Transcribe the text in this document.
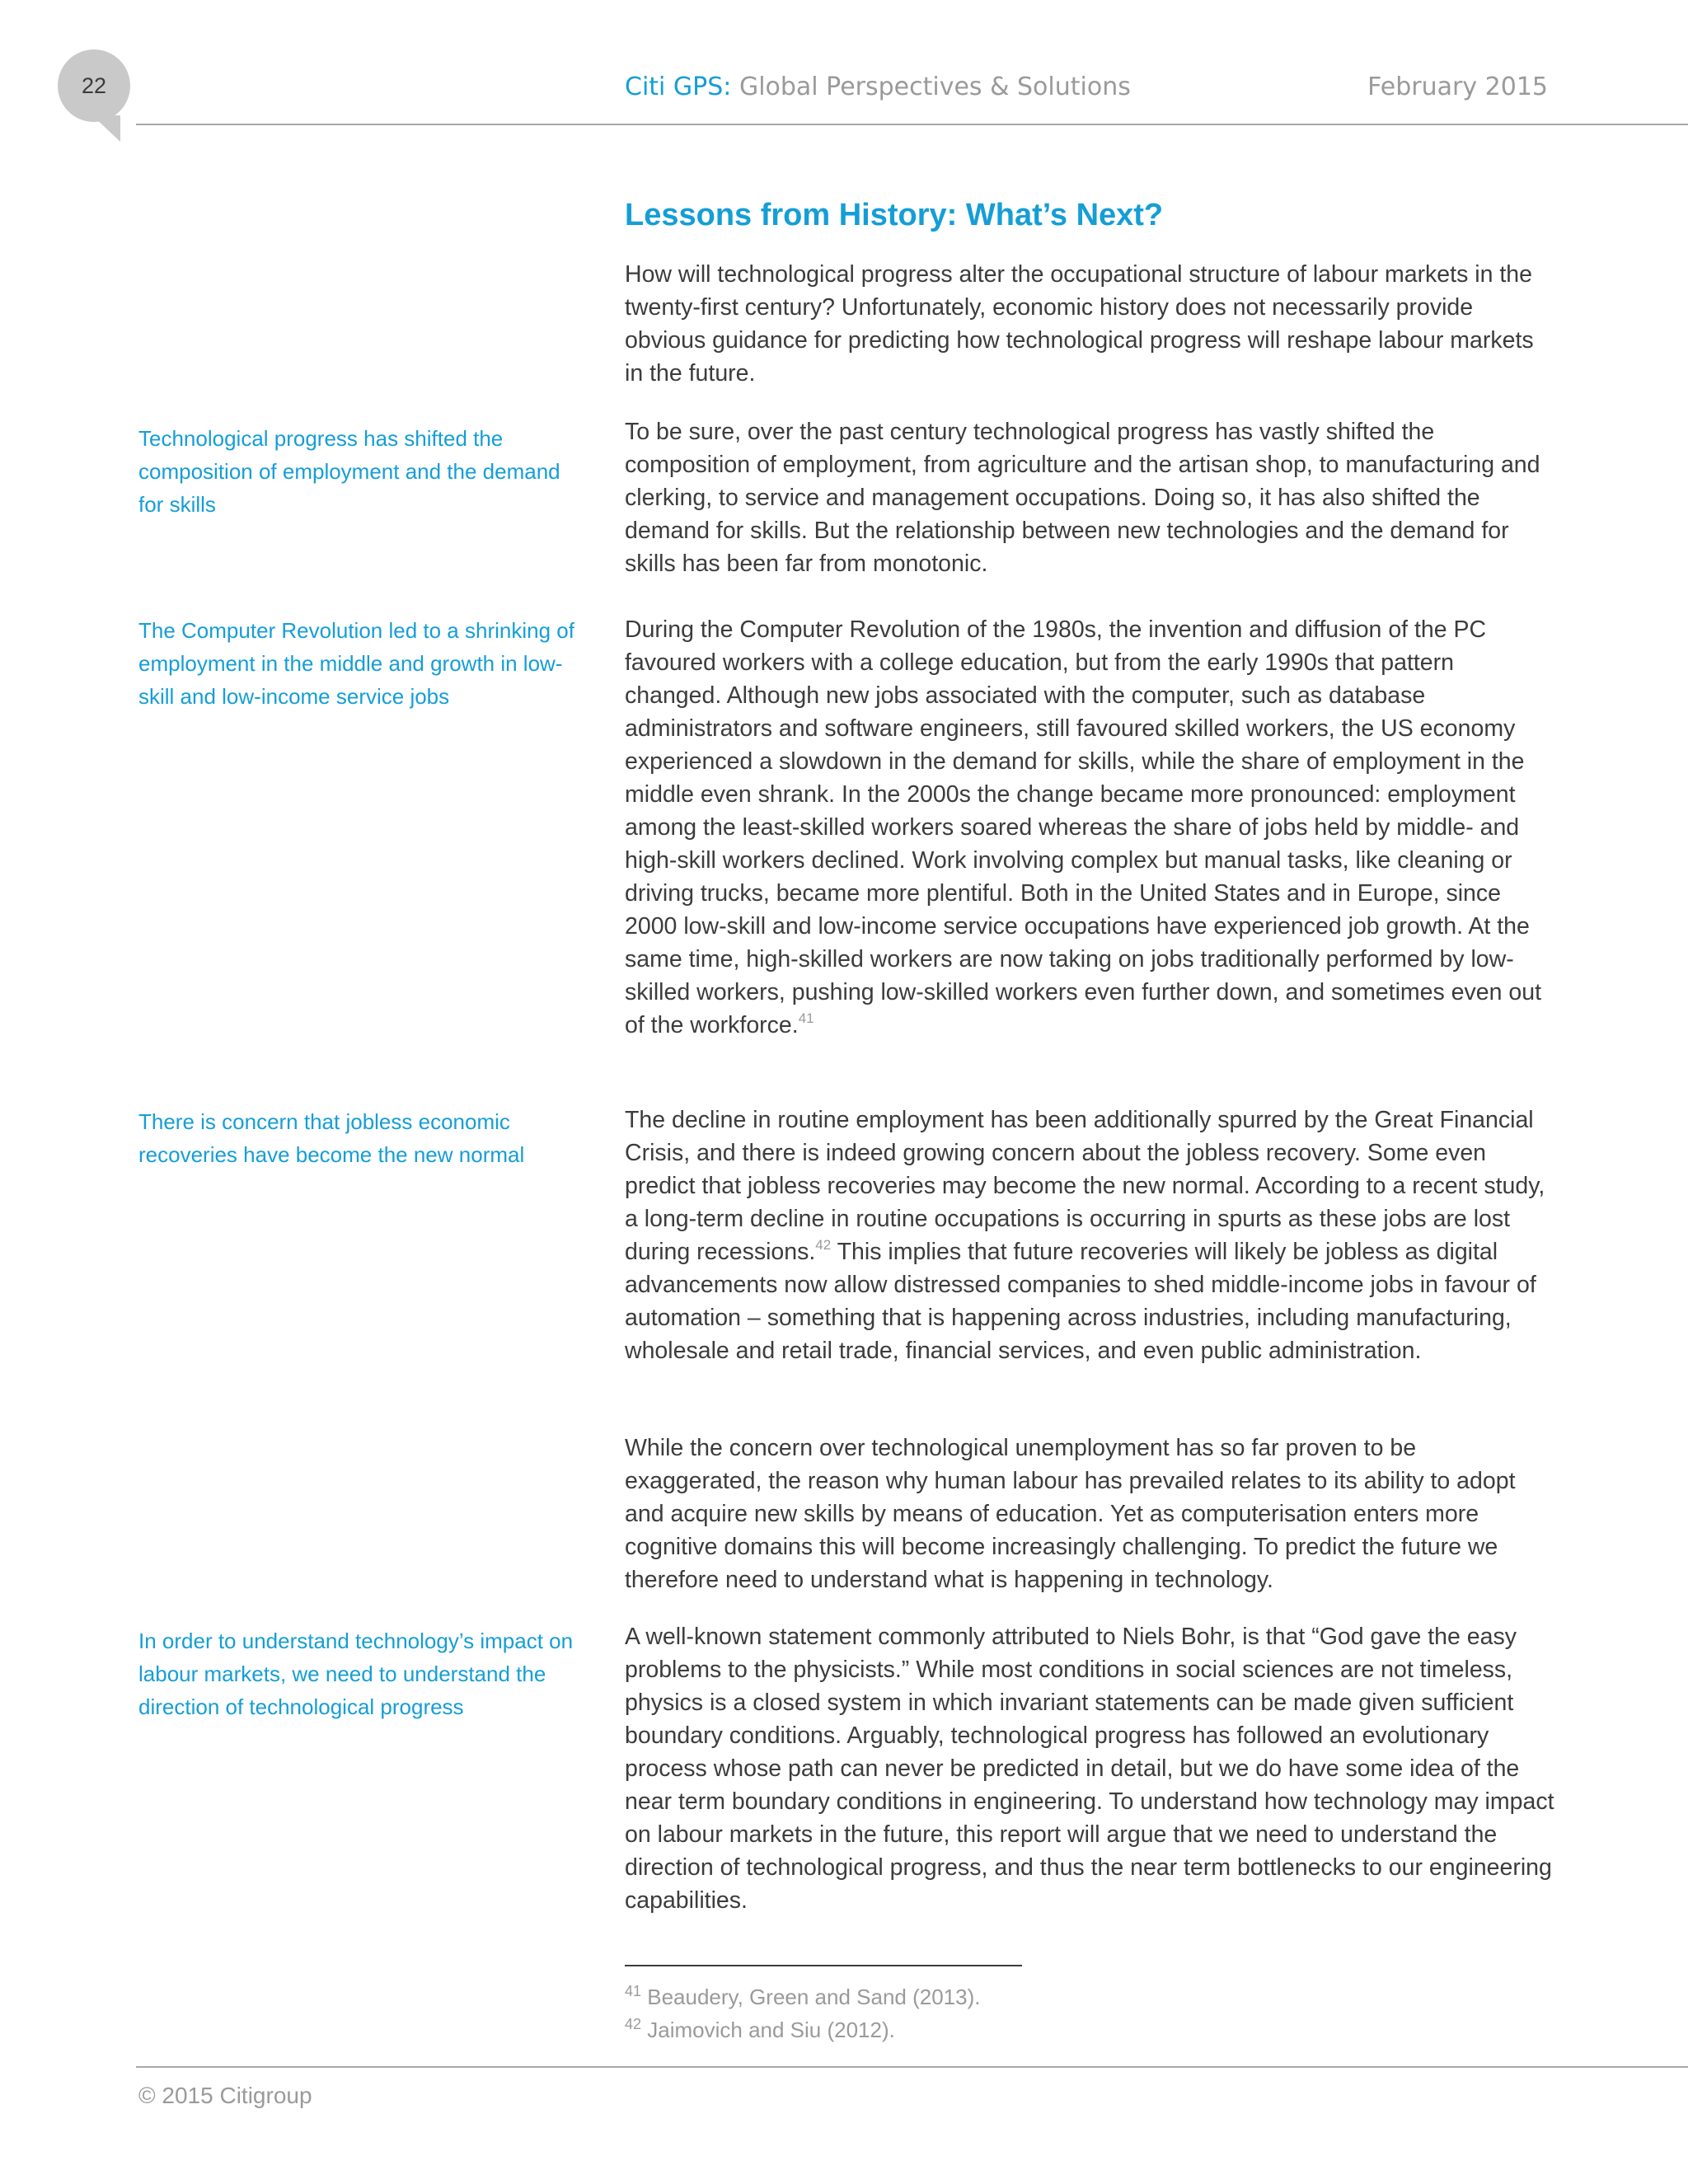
22	Citi GPS: Global Perspectives & Solutions	February 2015
Lessons from History: What’s Next?

How will technological progress alter the occupational structure of labour markets in the twenty-first century? Unfortunately, economic history does not necessarily provide obvious guidance for predicting how technological progress will reshape labour markets in the future.

To be sure, over the past century technological progress has vastly shifted the composition of employment, from agriculture and the artisan shop, to manufacturing and clerking, to service and management occupations. Doing so, it has also shifted the demand for skills. But the relationship between new technologies and the demand for skills has been far from monotonic.

During the Computer Revolution of the 1980s, the invention and diffusion of the PC favoured workers with a college education, but from the early 1990s that pattern changed. Although new jobs associated with the computer, such as database administrators and software engineers, still favoured skilled workers, the US economy experienced a slowdown in the demand for skills, while the share of employment in the middle even shrank. In the 2000s the change became more pronounced: employment among the least-skilled workers soared whereas the share of jobs held by middle- and high-skill workers declined. Work involving complex but manual tasks, like cleaning or driving trucks, became more plentiful. Both in the United States and in Europe, since 2000 low-skill and low-income service occupations have experienced job growth. At the same time, high-skilled workers are now taking on jobs traditionally performed by low-skilled workers, pushing low-skilled workers even further down, and sometimes even out of the workforce.$^{41}$

The decline in routine employment has been additionally spurred by the Great Financial Crisis, and there is indeed growing concern about the jobless recovery. Some even predict that jobless recoveries may become the new normal. According to a recent study, a long-term decline in routine occupations is occurring in spurts as these jobs are lost during recessions.$^{42}$ This implies that future recoveries will likely be jobless as digital advancements now allow distressed companies to shed middle-income jobs in favour of automation – something that is happening across industries, including manufacturing, wholesale and retail trade, financial services, and even public administration.

While the concern over technological unemployment has so far proven to be exaggerated, the reason why human labour has prevailed relates to its ability to adopt and acquire new skills by means of education. Yet as computerisation enters more cognitive domains this will become increasingly challenging. To predict the future we therefore need to understand what is happening in technology.

A well-known statement commonly attributed to Niels Bohr, is that “God gave the easy problems to the physicists.” While most conditions in social sciences are not timeless, physics is a closed system in which invariant statements can be made given sufficient boundary conditions. Arguably, technological progress has followed an evolutionary process whose path can never be predicted in detail, but we do have some idea of the near term boundary conditions in engineering. To understand how technology may impact on labour markets in the future, this report will argue that we need to understand the direction of technological progress, and thus the near term bottlenecks to our engineering capabilities.

Technological progress has shifted the composition of employment and the demand for skills
The Computer Revolution led to a shrinking of employment in the middle and growth in low-skill and low-income service jobs
There is concern that jobless economic recoveries have become the new normal
In order to understand technology’s impact on labour markets, we need to understand the direction of technological progress
$^{41}$ Beaudery, Green and Sand (2013).
$^{42}$ Jaimovich and Siu (2012).
© 2015 Citigroup
